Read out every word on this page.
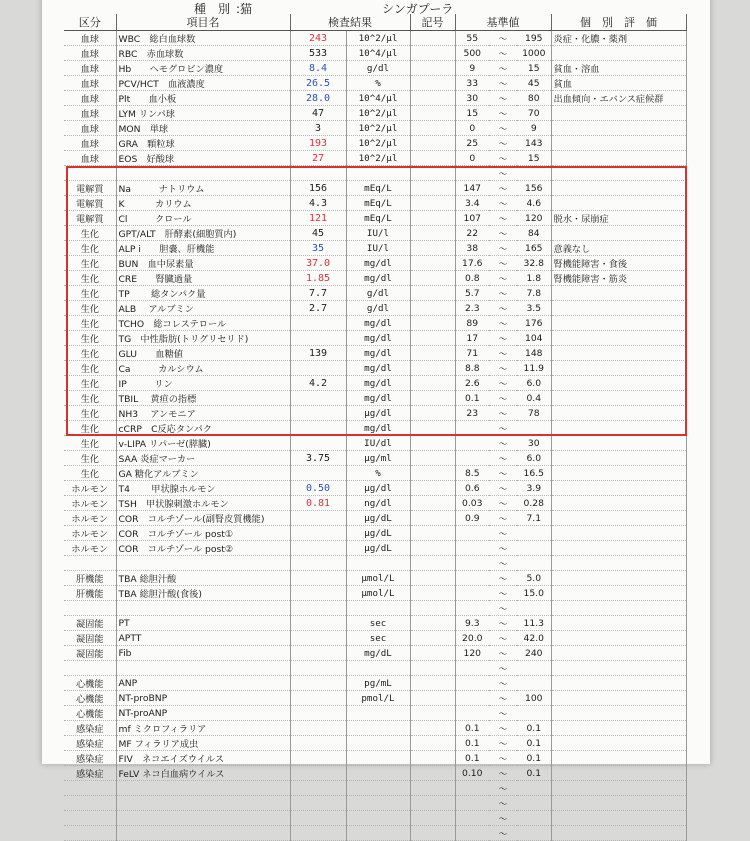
種　別 :猫	シンガプーラ
区分	項目名	検査結果		記号	基準値			個　別　評　価
血球	WBC　総白血球数	243	10^2/μl		55	～	195	炎症・化膿・薬剤
血球	RBC　赤血球数	533	10^4/μl		500	～	1000	
血球	Hb　　ヘモグロビン濃度	8.4	g/dl		9	～	15	貧血・溶血
血球	PCV/HCT　血液濃度	26.5	%		33	～	45	貧血
血球	Plt　　血小板	28.0	10^4/μl		30	～	80	出血傾向・エバンス症候群
血球	LYM リンパ球	47	10^2/μl		15	～	70	
血球	MON　単球	3	10^2/μl		0	～	9	
血球	GRA　顆粒球	193	10^2/μl		25	～	143	
血球	EOS　好酸球	27	10^2/μl		0	～	15	
						～		
電解質	Na　　　ナトリウム	156	mEq/L		147	～	156	
電解質	K　　　 カリウム	4.3	mEq/L		3.4	～	4.6	
電解質	Cl　　　クロール	121	mEq/L		107	～	120	脱水・尿崩症
生化	GPT/ALT　肝酵素(細胞質内)	45	IU/l		22	～	84	
生化	ALP i　　胆嚢、肝機能	35	IU/l		38	～	165	意義なし
生化	BUN　血中尿素量	37.0	mg/dl		17.6	～	32.8	腎機能障害・食後
生化	CRE　　腎臓過量	1.85	mg/dl		0.8	～	1.8	腎機能障害・筋炎
生化	TP　　 総タンパク量	7.7	g/dl		5.7	～	7.8	
生化	ALB　 アルブミン	2.7	g/dl		2.3	～	3.5	
生化	TCHO　総コレステロール		mg/dl		89	～	176	
生化	TG　中性脂肪(トリグリセリド)		mg/dl		17	～	104	
生化	GLU　　血糖値	139	mg/dl		71	～	148	
生化	Ca　　　カルシウム		mg/dl		8.8	～	11.9	
生化	IP　　　リン	4.2	mg/dl		2.6	～	6.0	
生化	TBIL　 黄疸の指標		mg/dl		0.1	～	0.4	
生化	NH3　 アンモニア		μg/dl		23	～	78	
生化	cCRP　C反応タンパク		mg/dl			～		
生化	v-LIPA リパーゼ(膵臓)		IU/dl			～	30	
生化	SAA 炎症マーカー	3.75	μg/ml			～	6.0	
生化	GA 糖化アルブミン		%		8.5	～	16.5	
ホルモン	T4　　 甲状腺ホルモン	0.50	μg/dl		0.6	～	3.9	
ホルモン	TSH　甲状腺刺激ホルモン	0.81	ng/dl		0.03	～	0.28	
ホルモン	COR　コルチゾール(副腎皮質機能)		μg/dL		0.9	～	7.1	
ホルモン	COR　コルチゾール post①		μg/dL			～		
ホルモン	COR　コルチゾール post②		μg/dL			～		
						～		
肝機能	TBA 総胆汁酸		μmol/L			～	5.0	
肝機能	TBA 総胆汁酸(食後)		μmol/L			～	15.0	
						～		
凝固能	PT		sec		9.3	～	11.3	
凝固能	APTT		sec		20.0	～	42.0	
凝固能	Fib		mg/dL		120	～	240	
						～		
心機能	ANP		pg/mL			～		
心機能	NT-proBNP		pmol/L			～	100	
心機能	NT-proANP					～		
感染症	mf ミクロフィラリア				0.1	～	0.1	
感染症	MF フィラリア成虫				0.1	～	0.1	
感染症	FIV　ネコエイズウイルス				0.1	～	0.1	
感染症	FeLV ネコ白血病ウイルス				0.10	～	0.1	
						～		
						～		
						～		
						～		
